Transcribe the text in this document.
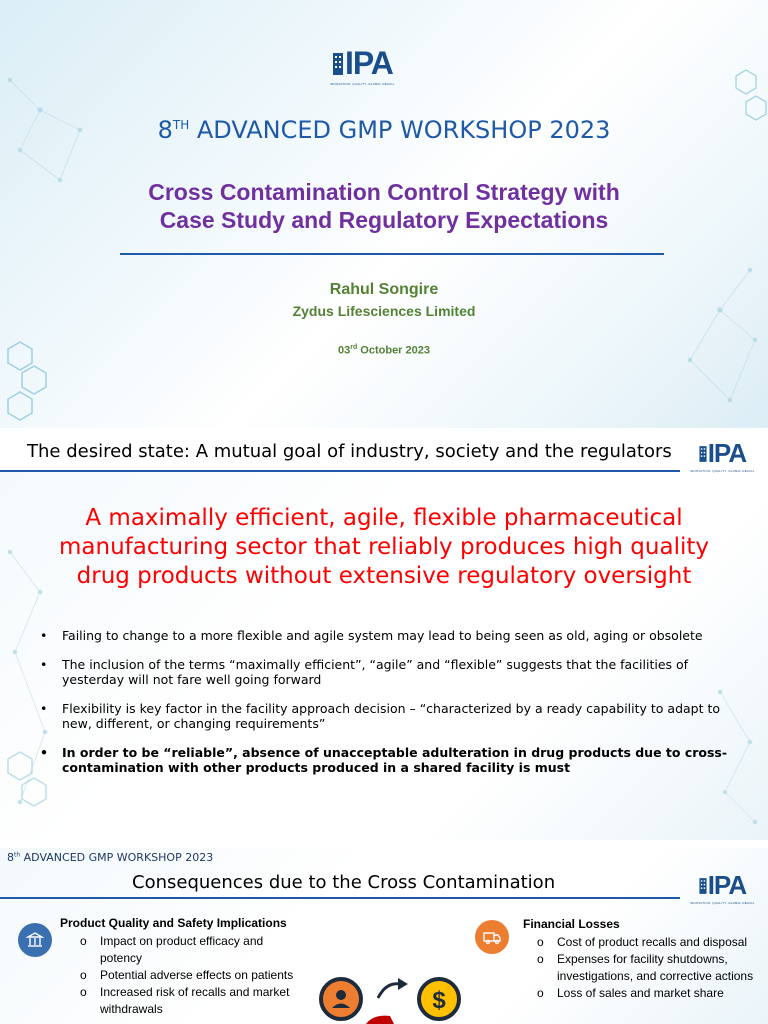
IPA
INNOVATION. QUALITY. GLOBAL REACH
8TH ADVANCED GMP WORKSHOP 2023
Cross Contamination Control Strategy with
Case Study and Regulatory Expectations
Rahul Songire
Zydus Lifesciences Limited
03rd October 2023
The desired state: A mutual goal of industry, society and the regulators IPA
INNOVATION. QUALITY. GLOBAL REACH
A maximally efficient, agile, flexible pharmaceutical
manufacturing sector that reliably produces high quality
drug products without extensive regulatory oversight
• Failing to change to a more flexible and agile system may lead to being seen as old, aging or obsolete
• The inclusion of the terms “maximally efficient”, “agile” and “flexible” suggests that the facilities of yesterday will not fare well going forward
• Flexibility is key factor in the facility approach decision – “characterized by a ready capability to adapt to new, different, or changing requirements”
• In order to be “reliable”, absence of unacceptable adulteration in drug products due to cross-contamination with other products produced in a shared facility is must
8th ADVANCED GMP WORKSHOP 2023
Consequences due to the Cross Contamination	IPA
INNOVATION. QUALITY. GLOBAL REACH
Product Quality and Safety Implications
o Impact on product efficacy and potency
o Potential adverse effects on patients
o Increased risk of recalls and market withdrawals	$
Financial Losses
o Cost of product recalls and disposal
o Expenses for facility shutdowns, investigations, and corrective actions
o Loss of sales and market share
